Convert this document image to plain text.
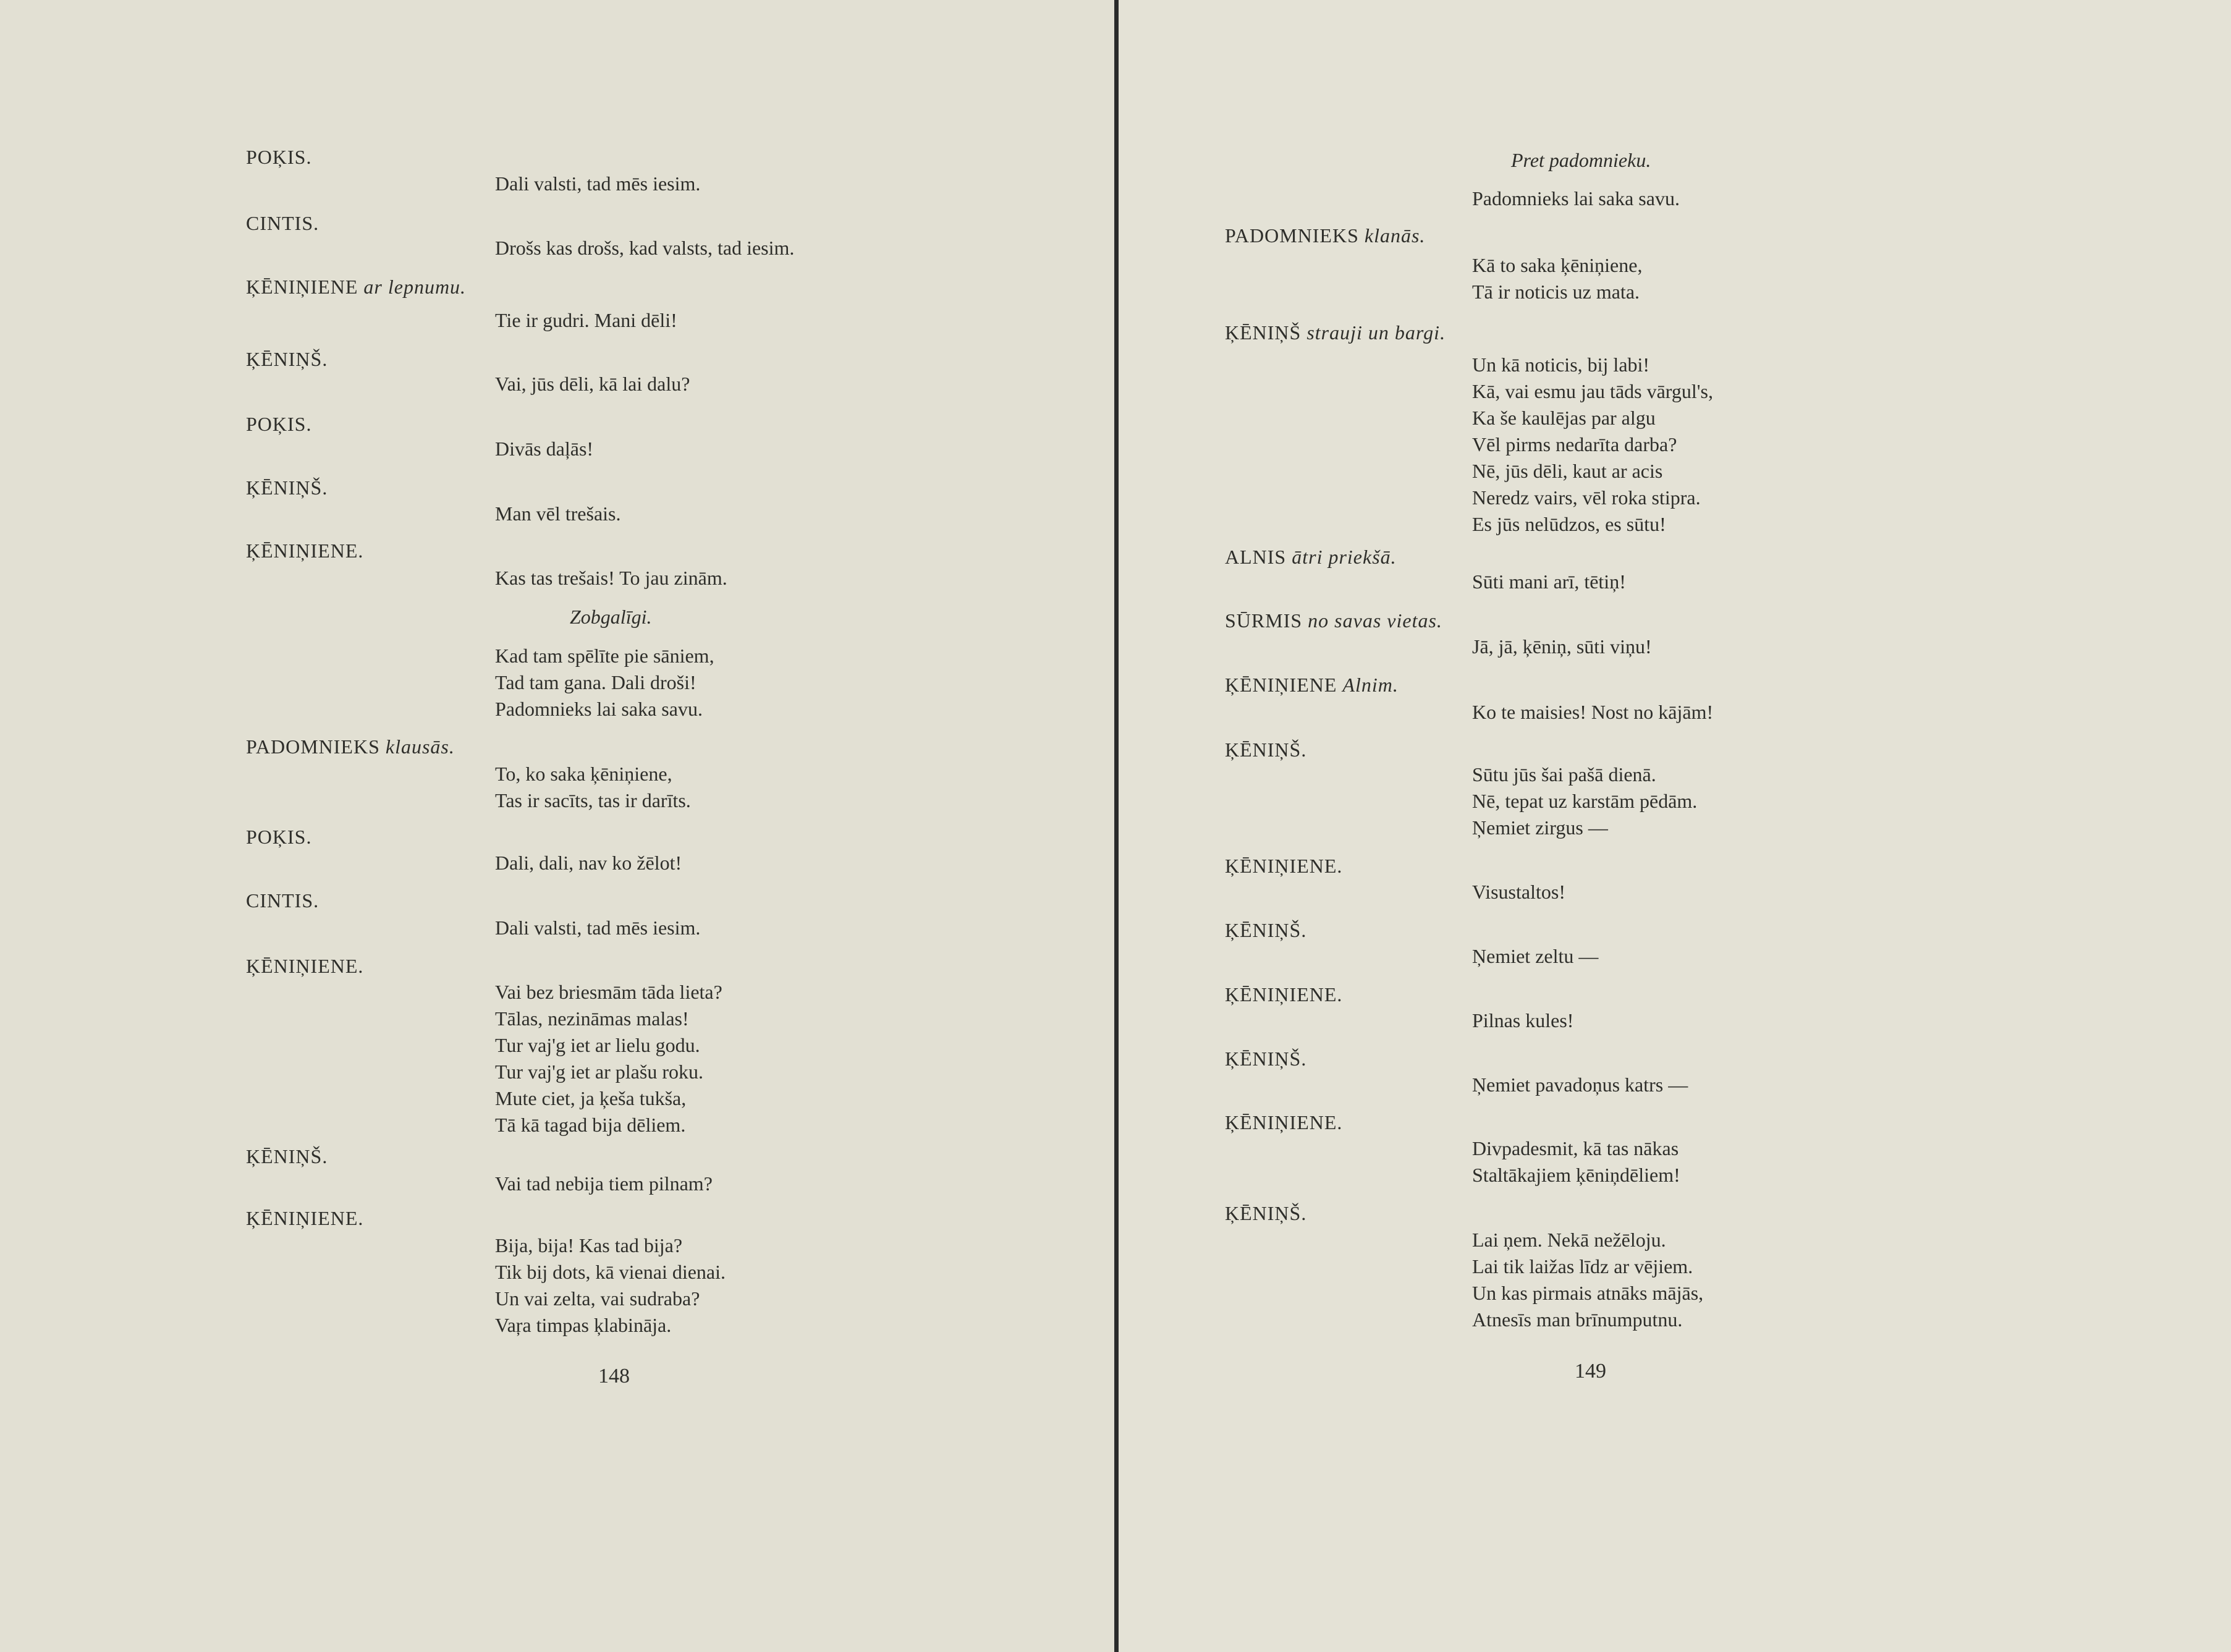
POĶIS.
Dali valsti, tad mēs iesim.
CINTIS.
Drošs kas drošs, kad valsts, tad iesim.
ĶĒNIŅIENE ar lepnumu.
Tie ir gudri. Mani dēli!
ĶĒNIŅŠ.
Vai, jūs dēli, kā lai dalu?
POĶIS.
Divās daļās!
ĶĒNIŅŠ.
Man vēl trešais.
ĶĒNIŅIENE.
Kas tas trešais! To jau zinām.
Zobgalīgi.
Kad tam spēlīte pie sāniem,
Tad tam gana. Dali droši!
Padomnieks lai saka savu.
PADOMNIEKS klausās.
To, ko saka ķēniņiene,
Tas ir sacīts, tas ir darīts.
POĶIS.
Dali, dali, nav ko žēlot!
CINTIS.
Dali valsti, tad mēs iesim.
ĶĒNIŅIENE.
Vai bez briesmām tāda lieta?
Tālas, nezināmas malas!
Tur vaj'g iet ar lielu godu.
Tur vaj'g iet ar plašu roku.
Mute ciet, ja ķeša tukša,
Tā kā tagad bija dēliem.
ĶĒNIŅŠ.
Vai tad nebija tiem pilnam?
ĶĒNIŅIENE.
Bija, bija! Kas tad bija?
Tik bij dots, kā vienai dienai.
Un vai zelta, vai sudraba?
Vaŗa timpas ķlabināja.
148
Pret padomnieku.
Padomnieks lai saka savu.
PADOMNIEKS klanās.
Kā to saka ķēniņiene,
Tā ir noticis uz mata.
ĶĒNIŅŠ strauji un bargi.
Un kā noticis, bij labi!
Kā, vai esmu jau tāds vārgul's,
Ka še kaulējas par algu
Vēl pirms nedarīta darba?
Nē, jūs dēli, kaut ar acis
Neredz vairs, vēl roka stipra.
Es jūs nelūdzos, es sūtu!
ALNIS ātri priekšā.
Sūti mani arī, tētiņ!
SŪRMIS no savas vietas.
Jā, jā, ķēniņ, sūti viņu!
ĶĒNIŅIENE Alnim.
Ko te maisies! Nost no kājām!
ĶĒNIŅŠ.
Sūtu jūs šai pašā dienā.
Nē, tepat uz karstām pēdām.
Ņemiet zirgus —
ĶĒNIŅIENE.
Visustaltos!
ĶĒNIŅŠ.
Ņemiet zeltu —
ĶĒNIŅIENE.
Pilnas kules!
ĶĒNIŅŠ.
Ņemiet pavadoņus katrs —
ĶĒNIŅIENE.
Divpadesmit, kā tas nākas
Staltākajiem ķēniņdēliem!
ĶĒNIŅŠ.
Lai ņem. Nekā nežēloju.
Lai tik laižas līdz ar vējiem.
Un kas pirmais atnāks mājās,
Atnesīs man brīnumputnu.
149
